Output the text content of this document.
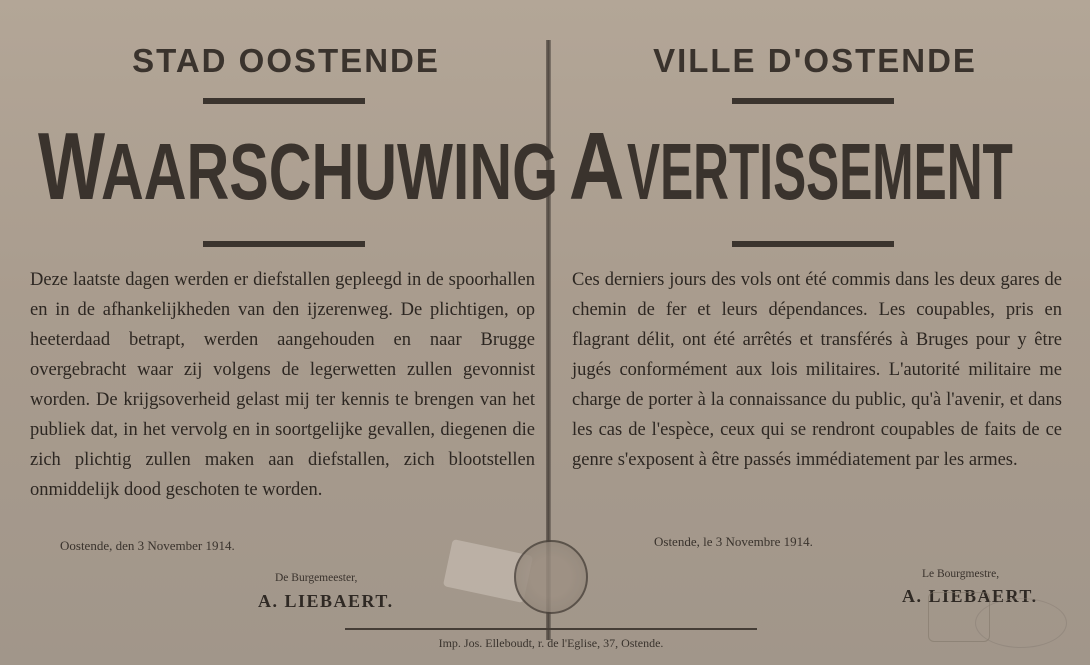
STAD OOSTENDE
WAARSCHUWING
Deze laatste dagen werden er diefstallen gepleegd in de spoorhallen en in de afhankelijkheden van den ijzerenweg. De plichtigen, op heeterdaad betrapt, werden aangehouden en naar Brugge overgebracht waar zij volgens de legerwetten zullen gevonnist worden. De krijgsoverheid gelast mij ter kennis te brengen van het publiek dat, in het vervolg en in soortgelijke gevallen, diegenen die zich plichtig zullen maken aan diefstallen, zich blootstellen onmiddelijk dood geschoten te worden.
Oostende, den 3 November 1914.
De Burgemeester,
A. LIEBAERT.
VILLE D'OSTENDE
AVERTISSEMENT
Ces derniers jours des vols ont été commis dans les deux gares de chemin de fer et leurs dépendances. Les coupables, pris en flagrant délit, ont été arrêtés et transférés à Bruges pour y être jugés conformément aux lois militaires. L'autorité militaire me charge de porter à la connaissance du public, qu'à l'avenir, et dans les cas de l'espèce, ceux qui se rendront coupables de faits de ce genre s'exposent à être passés immédiatement par les armes.
Ostende, le 3 Novembre 1914.
Le Bourgmestre,
A. LIEBAERT.
Imp. Jos. Elleboudt, r. de l'Eglise, 37, Ostende.
